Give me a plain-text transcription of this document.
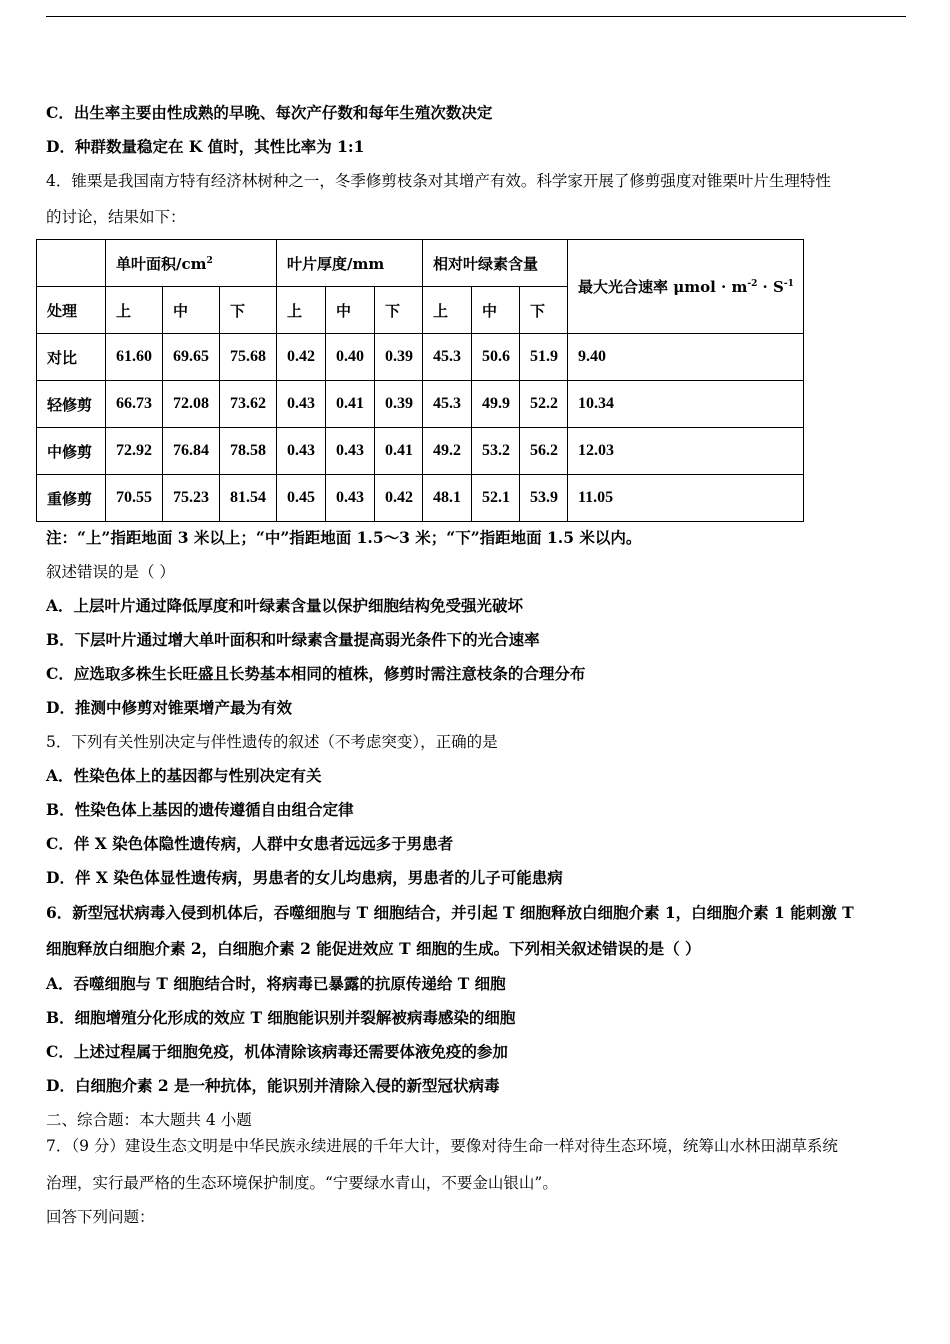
C．出生率主要由性成熟的早晚、每次产仔数和每年生殖次数决定
D．种群数量稳定在 K 值时，其性比率为 1:1
4．锥栗是我国南方特有经济林树种之一，冬季修剪枝条对其增产有效。科学家开展了修剪强度对锥栗叶片生理特性
的讨论，结果如下：
	单叶面积$/cm^2$			叶片厚度/mm			相对叶绿素含量			最大光合速率 $\mu mol \cdot m^{-2} \cdot S^{-1}$
处理	上	中	下	上	中	下	上	中	下	
对比	61.60	69.65	75.68	0.42	0.40	0.39	45.3	50.6	51.9	9.40
轻修剪	66.73	72.08	73.62	0.43	0.41	0.39	45.3	49.9	52.2	10.34
中修剪	72.92	76.84	78.58	0.43	0.43	0.41	49.2	53.2	56.2	12.03
重修剪	70.55	75.23	81.54	0.45	0.43	0.42	48.1	52.1	53.9	11.05
注：“上”指距地面 3 米以上；“中”指距地面 1.5～3 米；“下”指距地面 1.5 米以内。
叙述错误的是（ ）
A．上层叶片通过降低厚度和叶绿素含量以保护细胞结构免受强光破坏
B．下层叶片通过增大单叶面积和叶绿素含量提高弱光条件下的光合速率
C．应选取多株生长旺盛且长势基本相同的植株，修剪时需注意枝条的合理分布
D．推测中修剪对锥栗增产最为有效
5．下列有关性别决定与伴性遗传的叙述（不考虑突变），正确的是
A．性染色体上的基因都与性别决定有关
B．性染色体上基因的遗传遵循自由组合定律
C．伴 X 染色体隐性遗传病，人群中女患者远远多于男患者
D．伴 X 染色体显性遗传病，男患者的女儿均患病，男患者的儿子可能患病
6．新型冠状病毒入侵到机体后，吞噬细胞与 T 细胞结合，并引起 T 细胞释放白细胞介素 1，白细胞介素 1 能刺激 T
细胞释放白细胞介素 2，白细胞介素 2 能促进效应 T 细胞的生成。下列相关叙述错误的是（ ）
A．吞噬细胞与 T 细胞结合时，将病毒已暴露的抗原传递给 T 细胞
B．细胞增殖分化形成的效应 T 细胞能识别并裂解被病毒感染的细胞
C．上述过程属于细胞免疫，机体清除该病毒还需要体液免疫的参加
D．白细胞介素 2 是一种抗体，能识别并清除入侵的新型冠状病毒
二、综合题：本大题共 4 小题
7．（9 分）建设生态文明是中华民族永续进展的千年大计，要像对待生命一样对待生态环境，统筹山水林田湖草系统
治理，实行最严格的生态环境保护制度。“宁要绿水青山，不要金山银山”。
回答下列问题：
